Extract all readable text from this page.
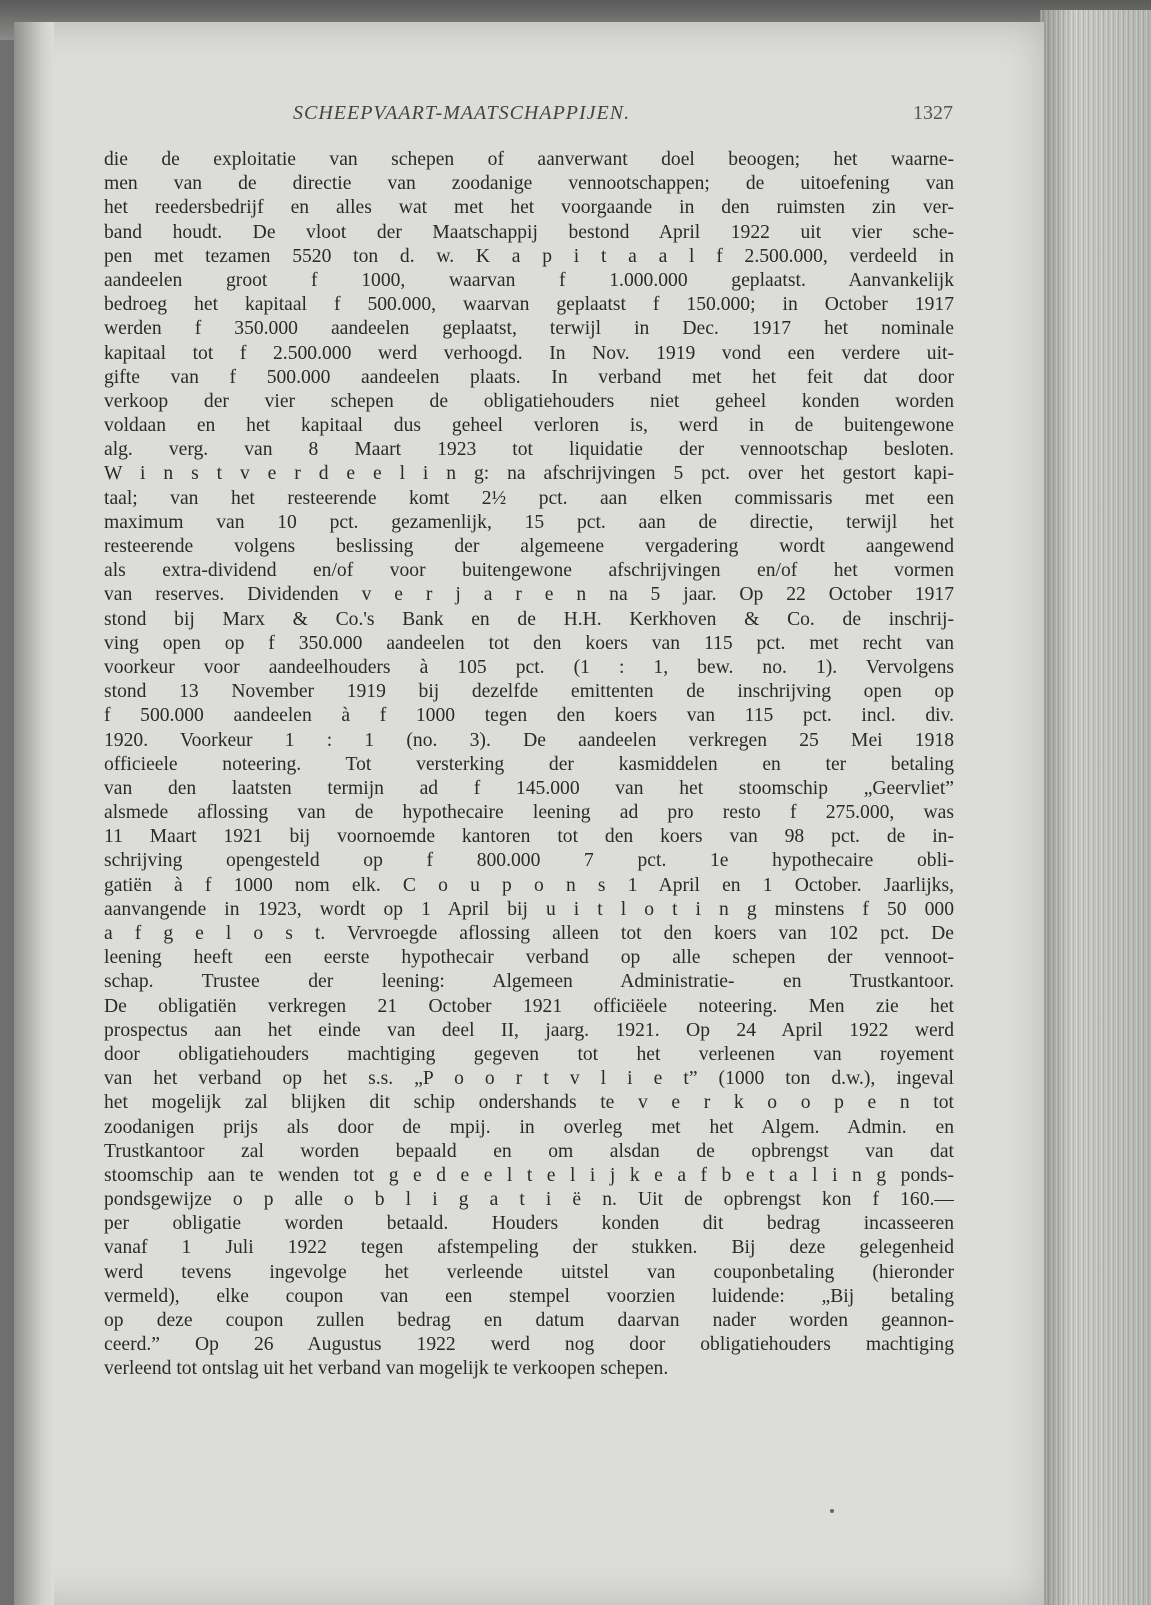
SCHEEPVAART-MAATSCHAPPIJEN.	1327
die de exploitatie van schepen of aanverwant doel beoogen; het waarne-
men van de directie van zoodanige vennootschappen; de uitoefening van
het reedersbedrijf en alles wat met het voorgaande in den ruimsten zin ver-
band houdt. De vloot der Maatschappij bestond April 1922 uit vier sche-
pen met tezamen 5520 ton d. w. K a p i t a a l f 2.500.000, verdeeld in
aandeelen groot f 1000, waarvan f 1.000.000 geplaatst. Aanvankelijk
bedroeg het kapitaal f 500.000, waarvan geplaatst f 150.000; in October 1917
werden f 350.000 aandeelen geplaatst, terwijl in Dec. 1917 het nominale
kapitaal tot f 2.500.000 werd verhoogd. In Nov. 1919 vond een verdere uit-
gifte van f 500.000 aandeelen plaats. In verband met het feit dat door
verkoop der vier schepen de obligatiehouders niet geheel konden worden
voldaan en het kapitaal dus geheel verloren is, werd in de buitengewone
alg. verg. van 8 Maart 1923 tot liquidatie der vennootschap besloten.
W i n s t v e r d e e l i n g: na afschrijvingen 5 pct. over het gestort kapi-
taal; van het resteerende komt 2½ pct. aan elken commissaris met een
maximum van 10 pct. gezamenlijk, 15 pct. aan de directie, terwijl het
resteerende volgens beslissing der algemeene vergadering wordt aangewend
als extra-dividend en/of voor buitengewone afschrijvingen en/of het vormen
van reserves. Dividenden v e r j a r e n na 5 jaar. Op 22 October 1917
stond bij Marx & Co.'s Bank en de H.H. Kerkhoven & Co. de inschrij-
ving open op f 350.000 aandeelen tot den koers van 115 pct. met recht van
voorkeur voor aandeelhouders à 105 pct. (1 : 1, bew. no. 1). Vervolgens
stond 13 November 1919 bij dezelfde emittenten de inschrijving open op
f 500.000 aandeelen à f 1000 tegen den koers van 115 pct. incl. div.
1920. Voorkeur 1 : 1 (no. 3). De aandeelen verkregen 25 Mei 1918
officieele noteering. Tot versterking der kasmiddelen en ter betaling
van den laatsten termijn ad f 145.000 van het stoomschip „Geervliet”
alsmede aflossing van de hypothecaire leening ad pro resto f 275.000, was
11 Maart 1921 bij voornoemde kantoren tot den koers van 98 pct. de in-
schrijving opengesteld op f 800.000 7 pct. 1e hypothecaire obli-
gatiën à f 1000 nom elk. C o u p o n s 1 April en 1 October. Jaarlijks,
aanvangende in 1923, wordt op 1 April bij u i t l o t i n g minstens f 50 000
a f g e l o s t. Vervroegde aflossing alleen tot den koers van 102 pct. De
leening heeft een eerste hypothecair verband op alle schepen der vennoot-
schap. Trustee der leening: Algemeen Administratie- en Trustkantoor.
De obligatiën verkregen 21 October 1921 officiëele noteering. Men zie het
prospectus aan het einde van deel II, jaarg. 1921. Op 24 April 1922 werd
door obligatiehouders machtiging gegeven tot het verleenen van royement
van het verband op het s.s. „P o o r t v l i e t” (1000 ton d.w.), ingeval
het mogelijk zal blijken dit schip ondershands te v e r k o o p e n tot
zoodanigen prijs als door de mpij. in overleg met het Algem. Admin. en
Trustkantoor zal worden bepaald en om alsdan de opbrengst van dat
stoomschip aan te wenden tot g e d e e l t e l i j k e a f b e t a l i n g ponds-
pondsgewijze o p alle o b l i g a t i ë n. Uit de opbrengst kon f 160.—
per obligatie worden betaald. Houders konden dit bedrag incasseeren
vanaf 1 Juli 1922 tegen afstempeling der stukken. Bij deze gelegenheid
werd tevens ingevolge het verleende uitstel van couponbetaling (hieronder
vermeld), elke coupon van een stempel voorzien luidende: „Bij betaling
op deze coupon zullen bedrag en datum daarvan nader worden geannon-
ceerd.” Op 26 Augustus 1922 werd nog door obligatiehouders machtiging
verleend tot ontslag uit het verband van mogelijk te verkoopen schepen.
